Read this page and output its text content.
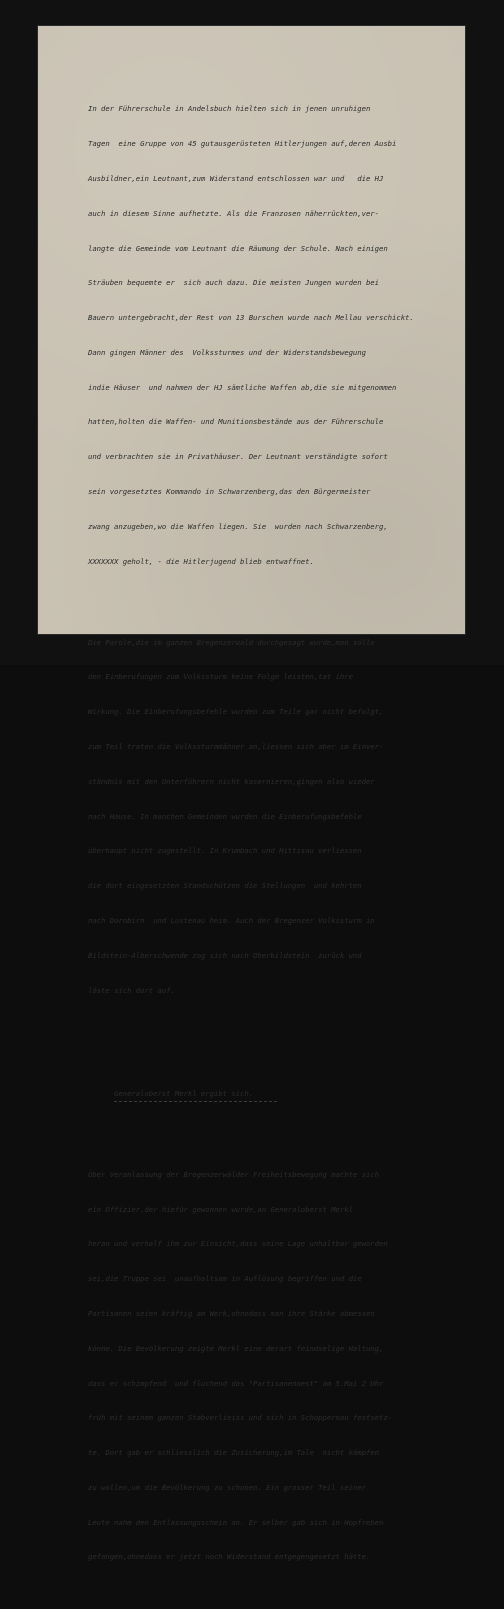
In der Führerschule in Andelsbuch hielten sich in jenen unruhigen

Tagen  eine Gruppe von 45 gutausgerüsteten Hitlerjungen auf,deren Ausbi

Ausbildner,ein Leutnant,zum Widerstand entschlossen war und   die HJ

auch in diesem Sinne aufhetzte. Als die Franzosen näherrückten,ver-

langte die Gemeinde vom Leutnant die Räumung der Schule. Nach einigen

Sträuben bequemte er  sich auch dazu. Die meisten Jungen wurden bei

Bauern untergebracht,der Rest von 13 Burschen wurde nach Mellau verschickt.

Dann gingen Männer des  Volkssturmes und der Widerstandsbewegung

indie Häuser  und nahmen der HJ sämtliche Waffen ab,die sie mitgenommen

hatten,holten die Waffen- und Munitionsbestände aus der Führerschule

und verbrachten sie in Privathäuser. Der Leutnant verständigte sofort

sein vorgesetztes Kommando in Schwarzenberg,das den Bürgermeister

zwang anzugeben,wo die Waffen liegen. Sie  wurden nach Schwarzenberg,

XXXXXXX geholt, - die Hitlerjugend blieb entwaffnet.

Die Parole,die im ganzen Bregenzerwald durchgesagt wurde,man solle

den Einberufungen zum Volkssturm keine Folge leisten,tat ihre

Wirkung. Die Einberufungsbefehle wurden zum Teile gar nicht befolgt,

zum Teil traten die Volkssturmmänner an,liessen sich aber im Einver-

ständnis mit den Unterführern nicht kasernieren,gingen also wieder

nach Hause. In manchen Gemeinden wurden die Einberufungsbefehle

überhaupt nicht zugestellt. In Krumbach und Hittisau verliessen

die dort eingesetzten Standschützen die Stellungen  und kehrten

nach Dornbirn  und Lustenau heim. Auch der Bregenzer Volkssturm in

Bildstein-Alberschwende zog sich nach Oberbildstein  zurück und

löste sich dort auf.

Generaloberst Merkl ergibt sich.

Über Veranlassung der Bregenzerwälder Freiheitsbewegung machte sich

ein Offizier,der hiefür gewonnen wurde,an Generaloberst Merkl

heran und verhalf ihm zur Einsicht,dass seine Lage unhaltbar geworden

sei,die Truppe sei  unaufhaltsam in Auflösung begriffen und die

Partisanen seien kräftig am Werk,ohnedass man ihre Stärke abmessen

könne. Die Bevölkerung zeigte Merkl eine derart feindselige Haltung,

dass er schimpfend  und fluchend das "Partisanennest" am 5.Mai 2 Uhr

früh mit seinem ganzen Stabverlieiss und sich in Schoppernau festsetz-

te. Dort gab er schliesslich die Zusicherung,im Tale  nicht kämpfen

zu wollen,um die Bevölkerung zu schonen. Ein grosser Teil seiner

Leute nahm den Entlassungsschein an. Er selber gab sich in Hopfreben

gefangen,ohnedass er jetzt noch Widerstand entgegengesetzt hätte.
